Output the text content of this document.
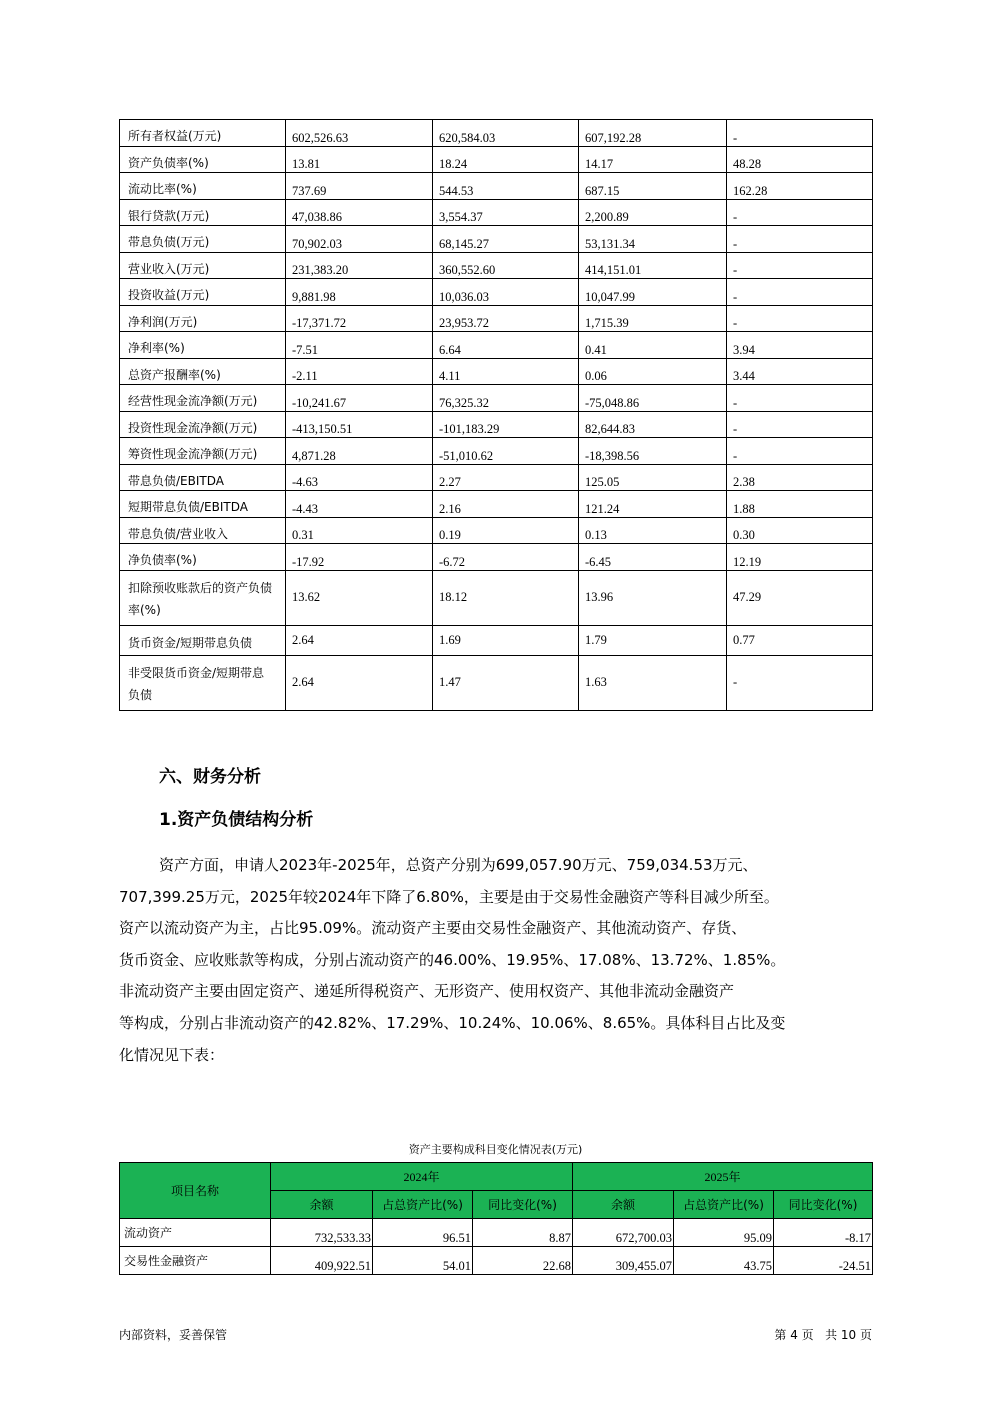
所有者权益(万元)	602,526.63	620,584.03	607,192.28	-
资产负债率(%)	13.81	18.24	14.17	48.28
流动比率(%)	737.69	544.53	687.15	162.28
银行贷款(万元)	47,038.86	3,554.37	2,200.89	-
带息负债(万元)	70,902.03	68,145.27	53,131.34	-
营业收入(万元)	231,383.20	360,552.60	414,151.01	-
投资收益(万元)	9,881.98	10,036.03	10,047.99	-
净利润(万元)	-17,371.72	23,953.72	1,715.39	-
净利率(%)	-7.51	6.64	0.41	3.94
总资产报酬率(%)	-2.11	4.11	0.06	3.44
经营性现金流净额(万元)	-10,241.67	76,325.32	-75,048.86	-
投资性现金流净额(万元)	-413,150.51	-101,183.29	82,644.83	-
筹资性现金流净额(万元)	4,871.28	-51,010.62	-18,398.56	-
带息负债/EBITDA	-4.63	2.27	125.05	2.38
短期带息负债/EBITDA	-4.43	2.16	121.24	1.88
带息负债/营业收入	0.31	0.19	0.13	0.30
净负债率(%)	-17.92	-6.72	-6.45	12.19

扣除预收账款后的资产负债
率(%)	13.62	18.12	13.96	47.29

货币资金/短期带息负债	2.64	1.69	1.79	0.77

非受限货币资金/短期带息
负债	2.64	1.47	1.63	-
六、财务分析
1.资产负债结构分析
资产方面，申请人2023年-2025年，总资产分别为699,057.90万元、759,034.53万元、
707,399.25万元，2025年较2024年下降了6.80%，主要是由于交易性金融资产等科目减少所至。
资产以流动资产为主，占比95.09%。流动资产主要由交易性金融资产、其他流动资产、存货、
货币资金、应收账款等构成，分别占流动资产的46.00%、19.95%、17.08%、13.72%、1.85%。
非流动资产主要由固定资产、递延所得税资产、无形资产、使用权资产、其他非流动金融资产
等构成，分别占非流动资产的42.82%、17.29%、10.24%、10.06%、8.65%。具体科目占比及变
化情况见下表：
资产主要构成科目变化情况表(万元)
项目名称	2024年			2025年		
	余额	占总资产比(%)	同比变化(%)	余额	占总资产比(%)	同比变化(%)
流动资产	732,533.33	96.51	8.87	672,700.03	95.09	-8.17
交易性金融资产	409,922.51	54.01	22.68	309,455.07	43.75	-24.51
内部资料，妥善保管	第 4 页   共 10 页
